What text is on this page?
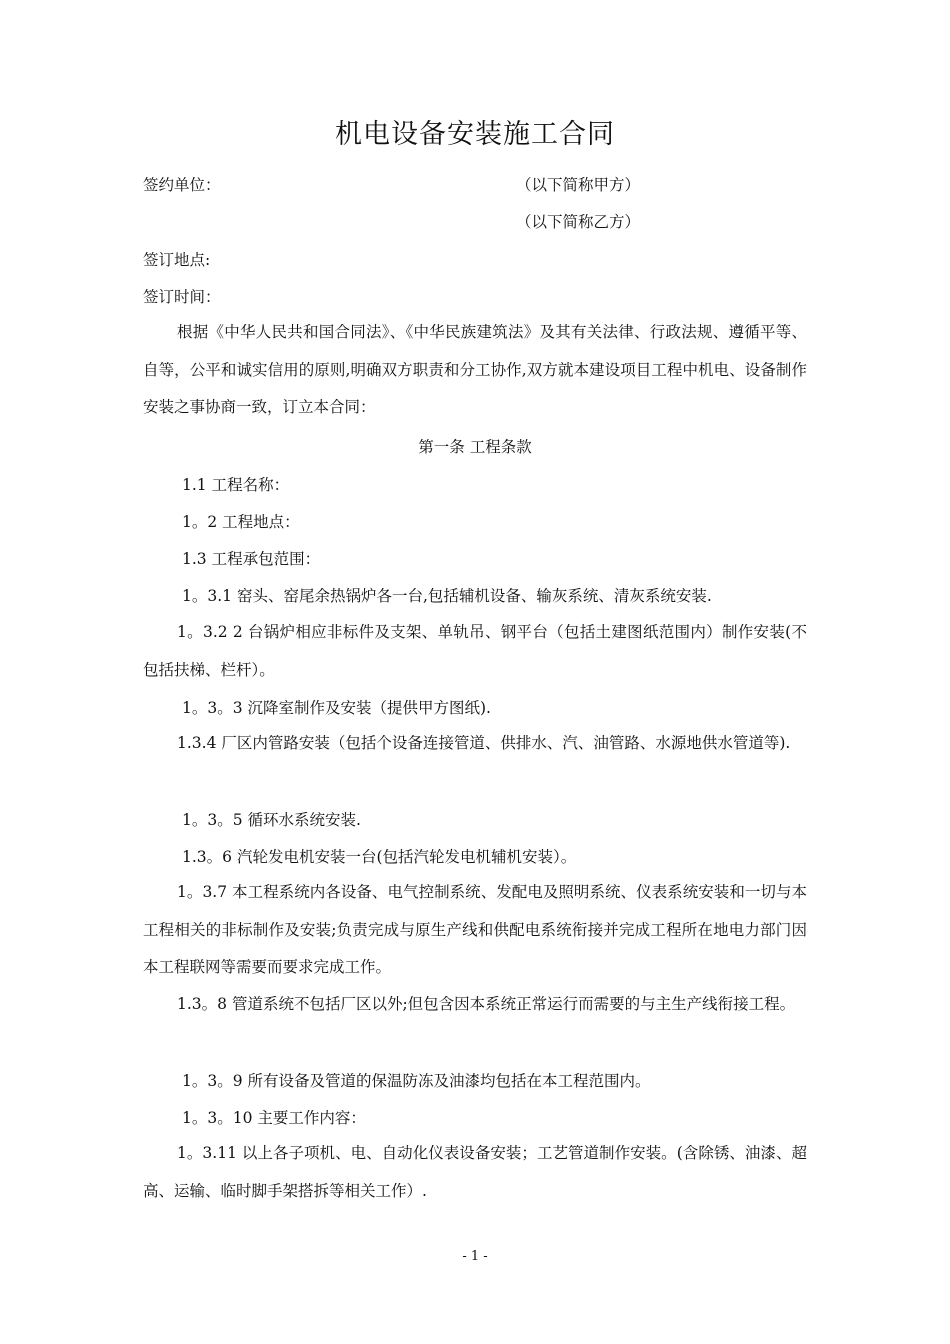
机电设备安装施工合同
签约单位：	（以下简称甲方）
（以下简称乙方）
签订地点:
签订时间：
根据《中华人民共和国合同法》、《中华民族建筑法》及其有关法律、行政法规、遵循平等、自等，公平和诚实信用的原则,明确双方职责和分工协作,双方就本建设项目工程中机电、设备制作安装之事协商一致，订立本合同：
第一条 工程条款
1.1 工程名称：
1。2 工程地点：
1.3 工程承包范围：
1。3.1 窑头、窑尾余热锅炉各一台,包括辅机设备、输灰系统、清灰系统安装.
1。3.2 2 台锅炉相应非标件及支架、单轨吊、钢平台（包括土建图纸范围内）制作安装(不包括扶梯、栏杆）。
1。3。3 沉降室制作及安装（提供甲方图纸).
1.3.4 厂区内管路安装（包括个设备连接管道、供排水、汽、油管路、水源地供水管道等).
1。3。5 循环水系统安装.
1.3。6 汽轮发电机安装一台(包括汽轮发电机辅机安装）。
1。3.7 本工程系统内各设备、电气控制系统、发配电及照明系统、仪表系统安装和一切与本工程相关的非标制作及安装;负责完成与原生产线和供配电系统衔接并完成工程所在地电力部门因本工程联网等需要而要求完成工作。
1.3。8 管道系统不包括厂区以外;但包含因本系统正常运行而需要的与主生产线衔接工程。
1。3。9 所有设备及管道的保温防冻及油漆均包括在本工程范围内。
1。3。10 主要工作内容：
1。3.11 以上各子项机、电、自动化仪表设备安装；工艺管道制作安装。(含除锈、油漆、超高、运输、临时脚手架搭拆等相关工作）.
- 1 -
